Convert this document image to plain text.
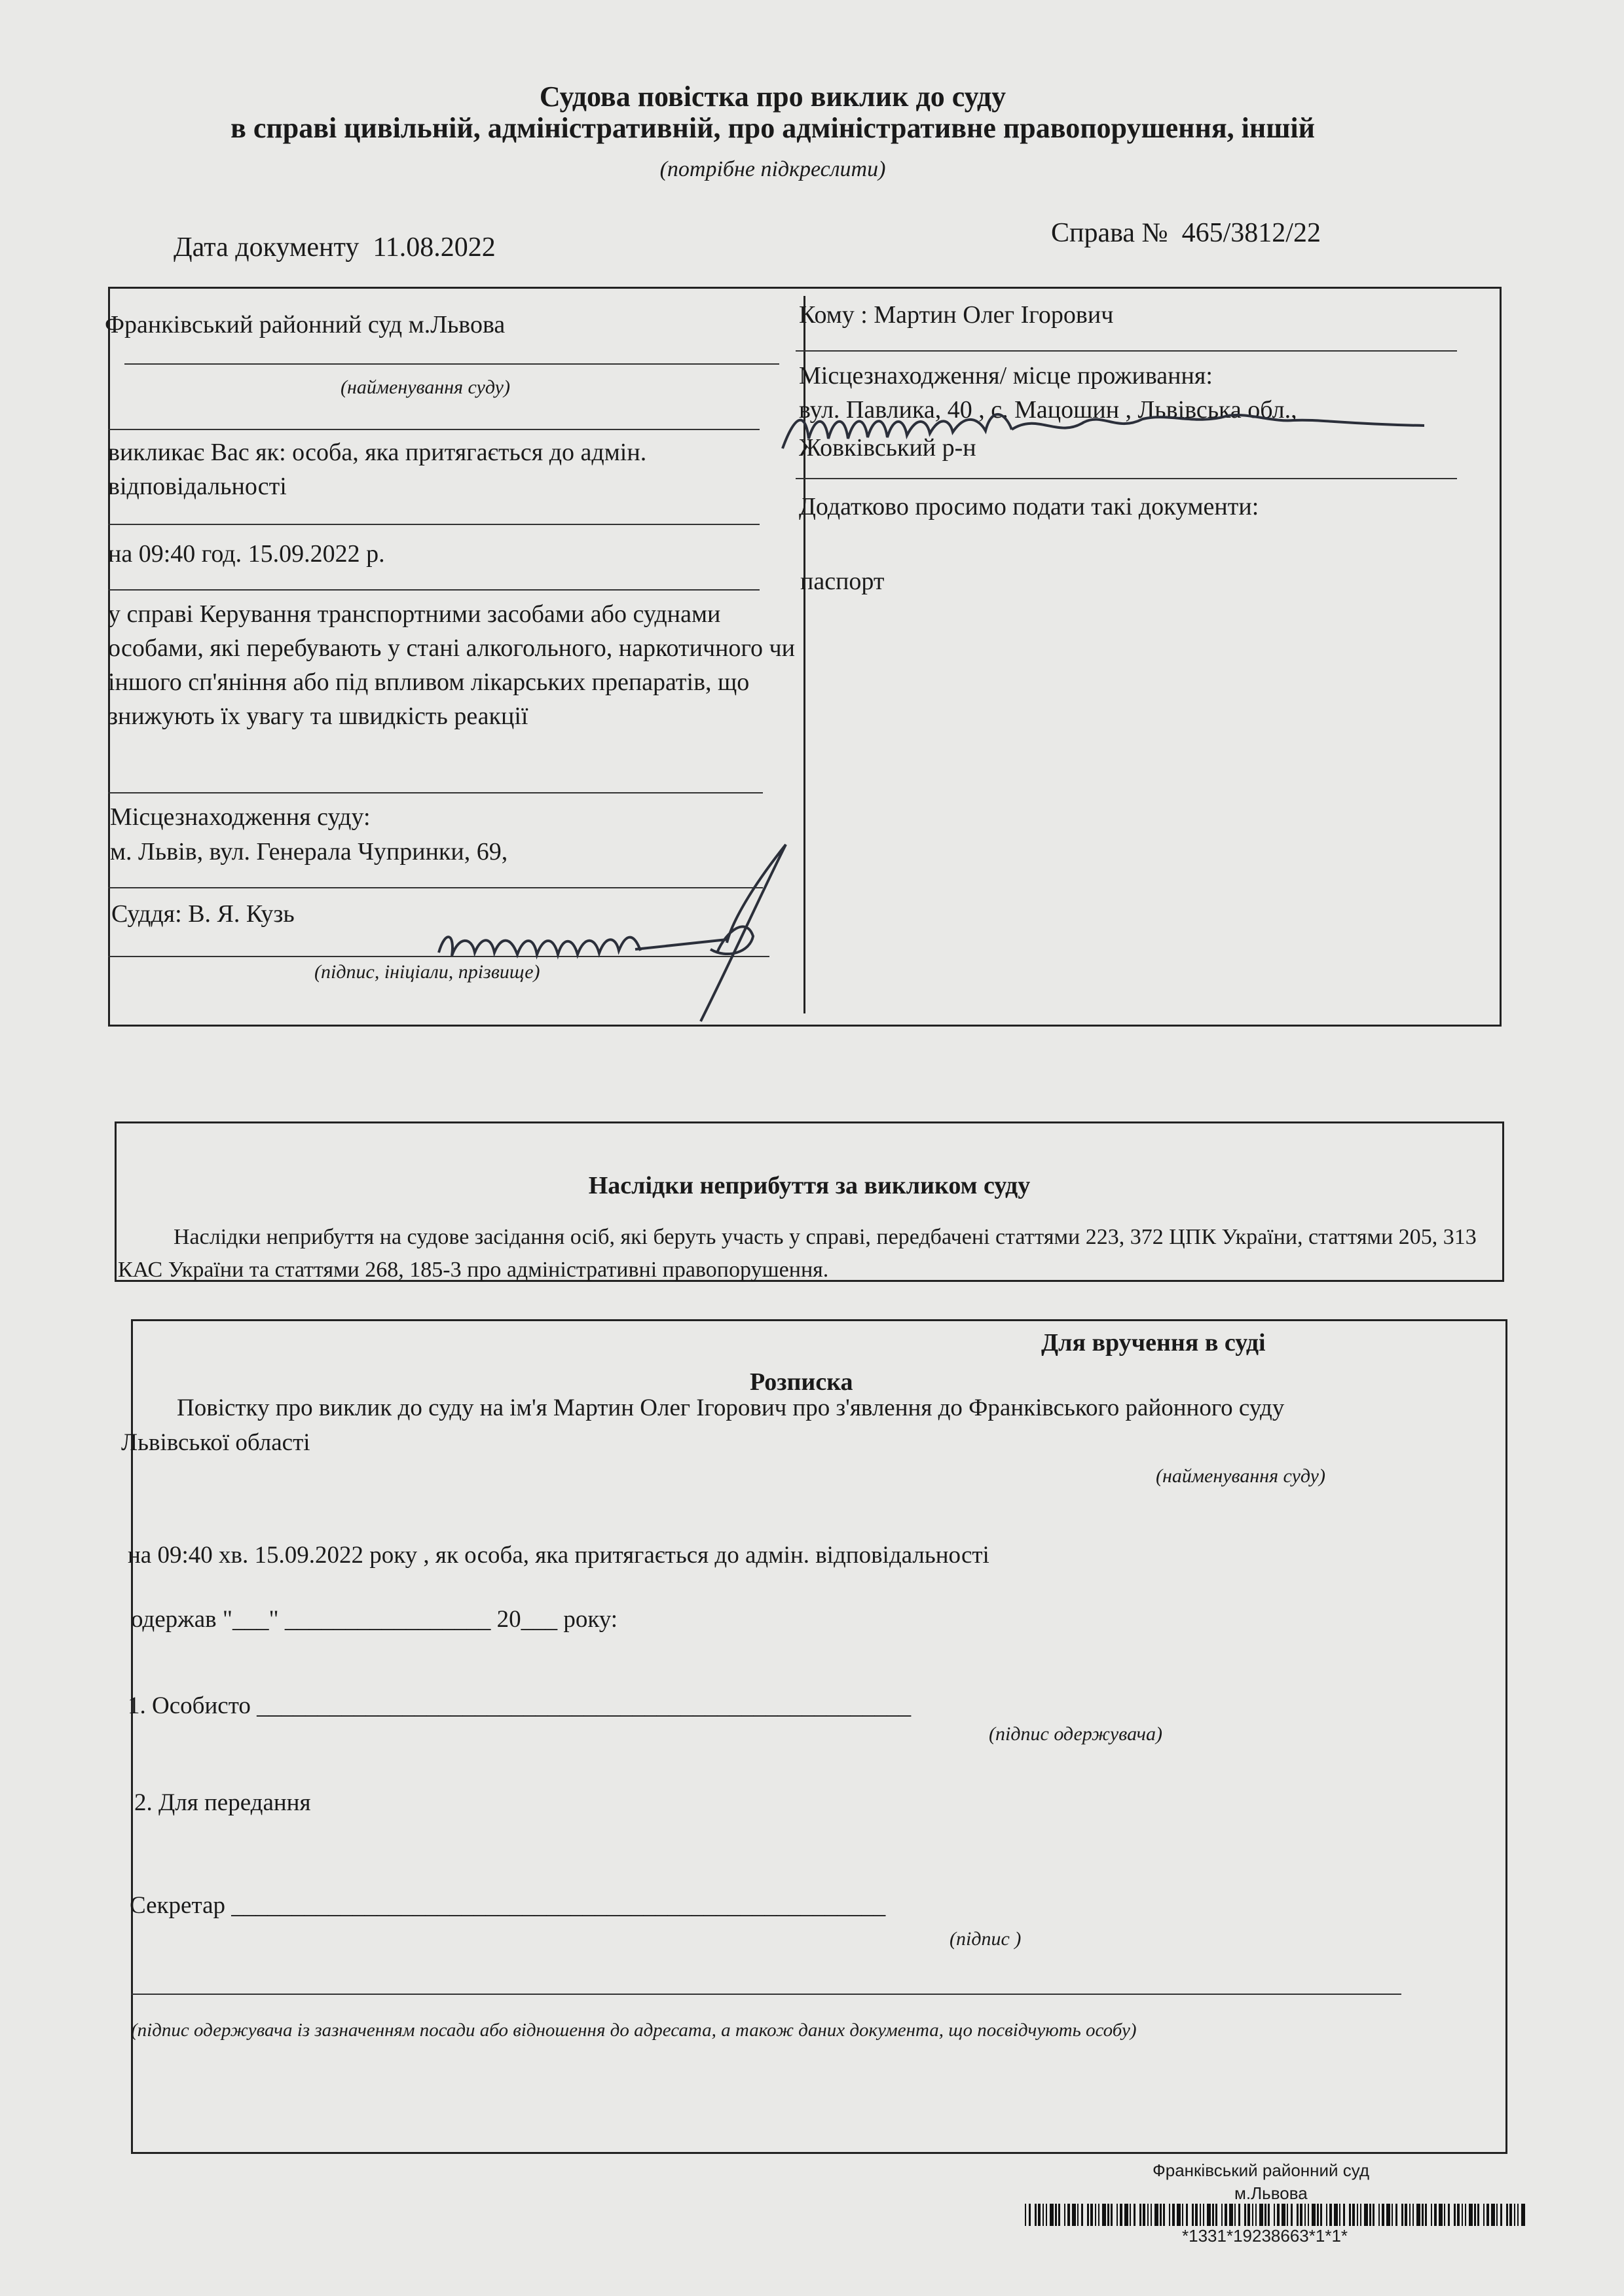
Судова повістка про виклик до суду
в справі цивільній, адміністративній, про адміністративне правопорушення, іншій
(потрібне підкреслити)
Дата документу 11.08.2022	Справа № 465/3812/22
Франківський районний суд м.Львова
(найменування суду)
викликає Вас як: особа, яка притягається до адмін. відповідальності
на 09:40 год. 15.09.2022 р.
у справі Керування транспортними засобами або суднами особами, які перебувають у стані алкогольного, наркотичного чи іншого сп'яніння або під впливом лікарських препаратів, що знижують їх увагу та швидкість реакції
Місцезнаходження суду:
м. Львів, вул. Генерала Чупринки, 69,
Суддя: В. Я. Кузь
(підпис, ініціали, прізвище)
Кому : Мартин Олег Ігорович
Місцезнаходження/ місце проживання:
вул. Павлика, 40 , с. Мацошин , Львівська обл.,
Жовківський р-н
Додатково просимо подати такі документи:
паспорт
Наслідки неприбуття за викликом суду
Наслідки неприбуття на судове засідання осіб, які беруть участь у справі, передбачені статтями 223, 372 ЦПК України, статтями 205, 313 КАС України та статтями 268, 185-3 про адміністративні правопорушення.
Для вручення в суді
Розписка
Повістку про виклик до суду на ім'я Мартин Олег Ігорович про з'явлення до Франківського районного суду
Львівської області
(найменування суду)
на 09:40 хв. 15.09.2022 року , як особа, яка притягається до адмін. відповідальності
одержав "___" _________________ 20___ року:
1. Особисто ______________________________________________________
(підпис одержувача)
2. Для передання
Секретар ______________________________________________________
(підпис )
(підпис одержувача із зазначенням посади або відношення до адресата, а також даних документа, що посвідчують особу)
Франківський районний суд
м.Львова
*1331*19238663*1*1*
